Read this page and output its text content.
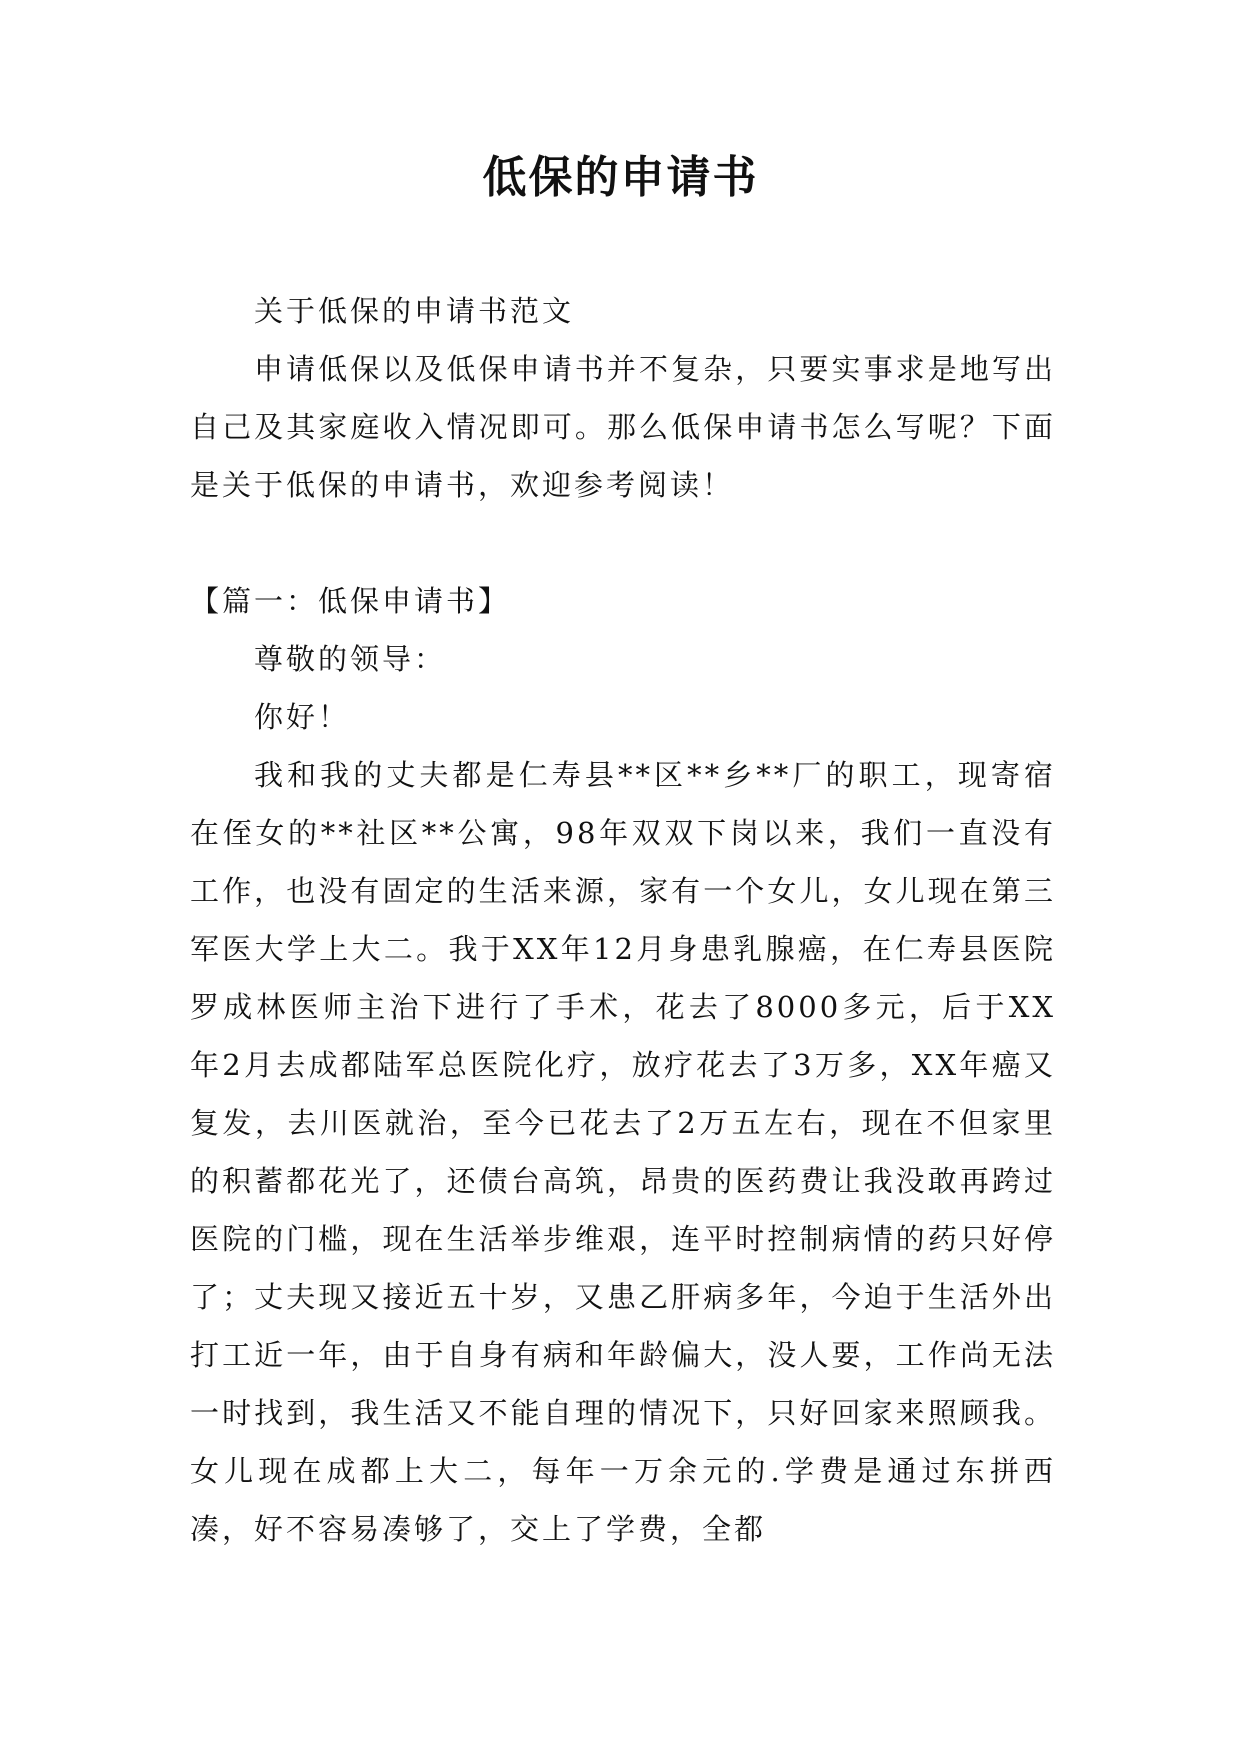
低保的申请书

关于低保的申请书范文

申请低保以及低保申请书并不复杂，只要实事求是地写出自己及其家庭收入情况即可。那么低保申请书怎么写呢？下面是关于低保的申请书，欢迎参考阅读！

【篇一：低保申请书】

尊敬的领导：

你好！

我和我的丈夫都是仁寿县**区**乡**厂的职工，现寄宿在侄女的**社区**公寓，98年双双下岗以来，我们一直没有工作，也没有固定的生活来源，家有一个女儿，女儿现在第三军医大学上大二。我于XX年12月身患乳腺癌，在仁寿县医院罗成林医师主治下进行了手术，花去了8000多元，后于XX年2月去成都陆军总医院化疗，放疗花去了3万多，XX年癌又复发，去川医就治，至今已花去了2万五左右，现在不但家里的积蓄都花光了，还债台高筑，昂贵的医药费让我没敢再跨过医院的门槛，现在生活举步维艰，连平时控制病情的药只好停了；丈夫现又接近五十岁，又患乙肝病多年，今迫于生活外出打工近一年，由于自身有病和年龄偏大，没人要，工作尚无法一时找到，我生活又不能自理的情况下，只好回家来照顾我。女儿现在成都上大二，每年一万余元的.学费是通过东拼西凑，好不容易凑够了，交上了学费，全都
